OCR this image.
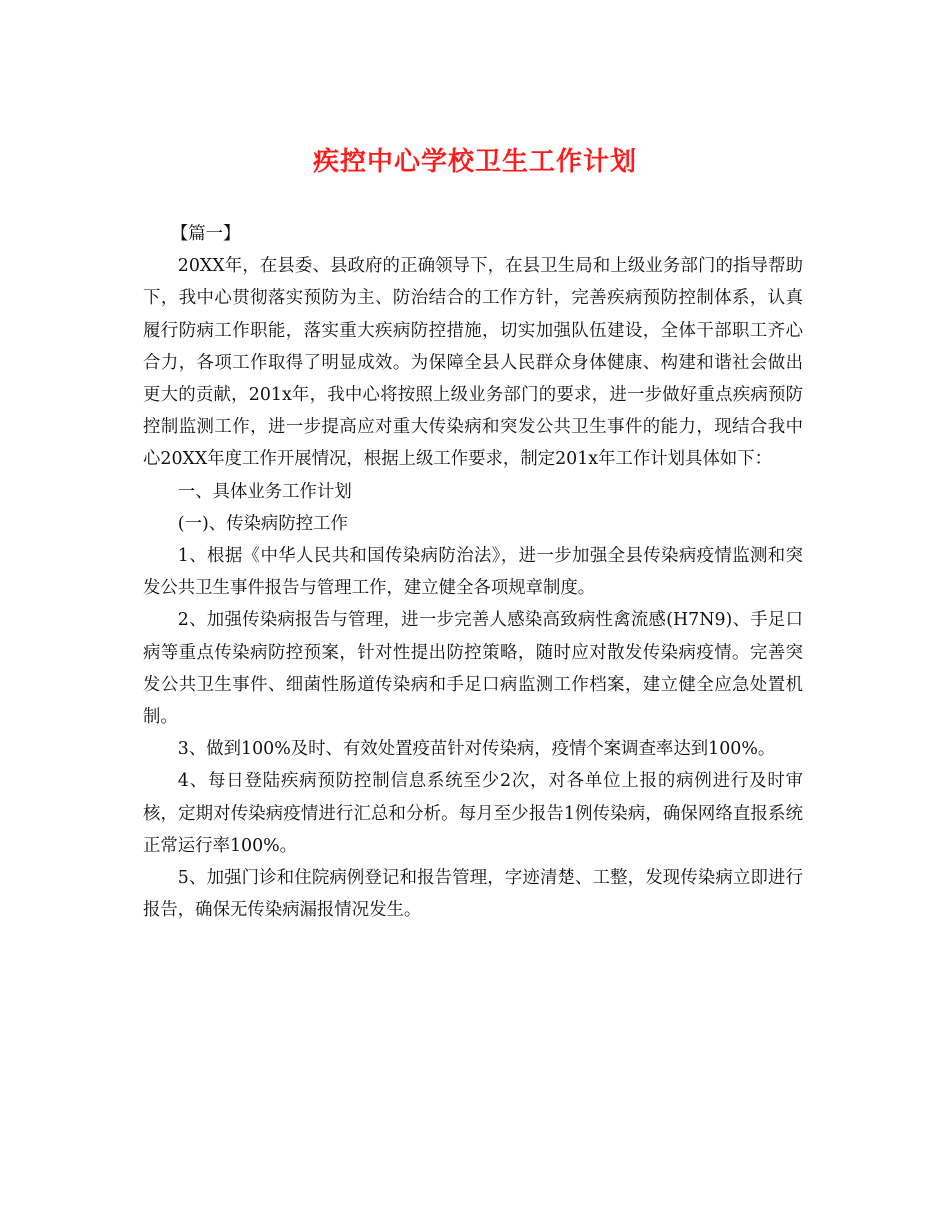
疾控中心学校卫生工作计划

【篇一】

20XX年，在县委、县政府的正确领导下，在县卫生局和上级业务部门的指导帮助下，我中心贯彻落实预防为主、防治结合的工作方针，完善疾病预防控制体系，认真履行防病工作职能，落实重大疾病防控措施，切实加强队伍建设，全体干部职工齐心合力，各项工作取得了明显成效。为保障全县人民群众身体健康、构建和谐社会做出更大的贡献，201x年，我中心将按照上级业务部门的要求，进一步做好重点疾病预防控制监测工作，进一步提高应对重大传染病和突发公共卫生事件的能力，现结合我中心20XX年度工作开展情况，根据上级工作要求，制定201x年工作计划具体如下：

一、具体业务工作计划

(一)、传染病防控工作

1、根据《中华人民共和国传染病防治法》，进一步加强全县传染病疫情监测和突发公共卫生事件报告与管理工作，建立健全各项规章制度。

2、加强传染病报告与管理，进一步完善人感染高致病性禽流感(H7N9)、手足口病等重点传染病防控预案，针对性提出防控策略，随时应对散发传染病疫情。完善突发公共卫生事件、细菌性肠道传染病和手足口病监测工作档案，建立健全应急处置机制。

3、做到100%及时、有效处置疫苗针对传染病，疫情个案调查率达到100%。

4、每日登陆疾病预防控制信息系统至少2次，对各单位上报的病例进行及时审核，定期对传染病疫情进行汇总和分析。每月至少报告1例传染病，确保网络直报系统正常运行率100%。

5、加强门诊和住院病例登记和报告管理，字迹清楚、工整，发现传染病立即进行报告，确保无传染病漏报情况发生。
